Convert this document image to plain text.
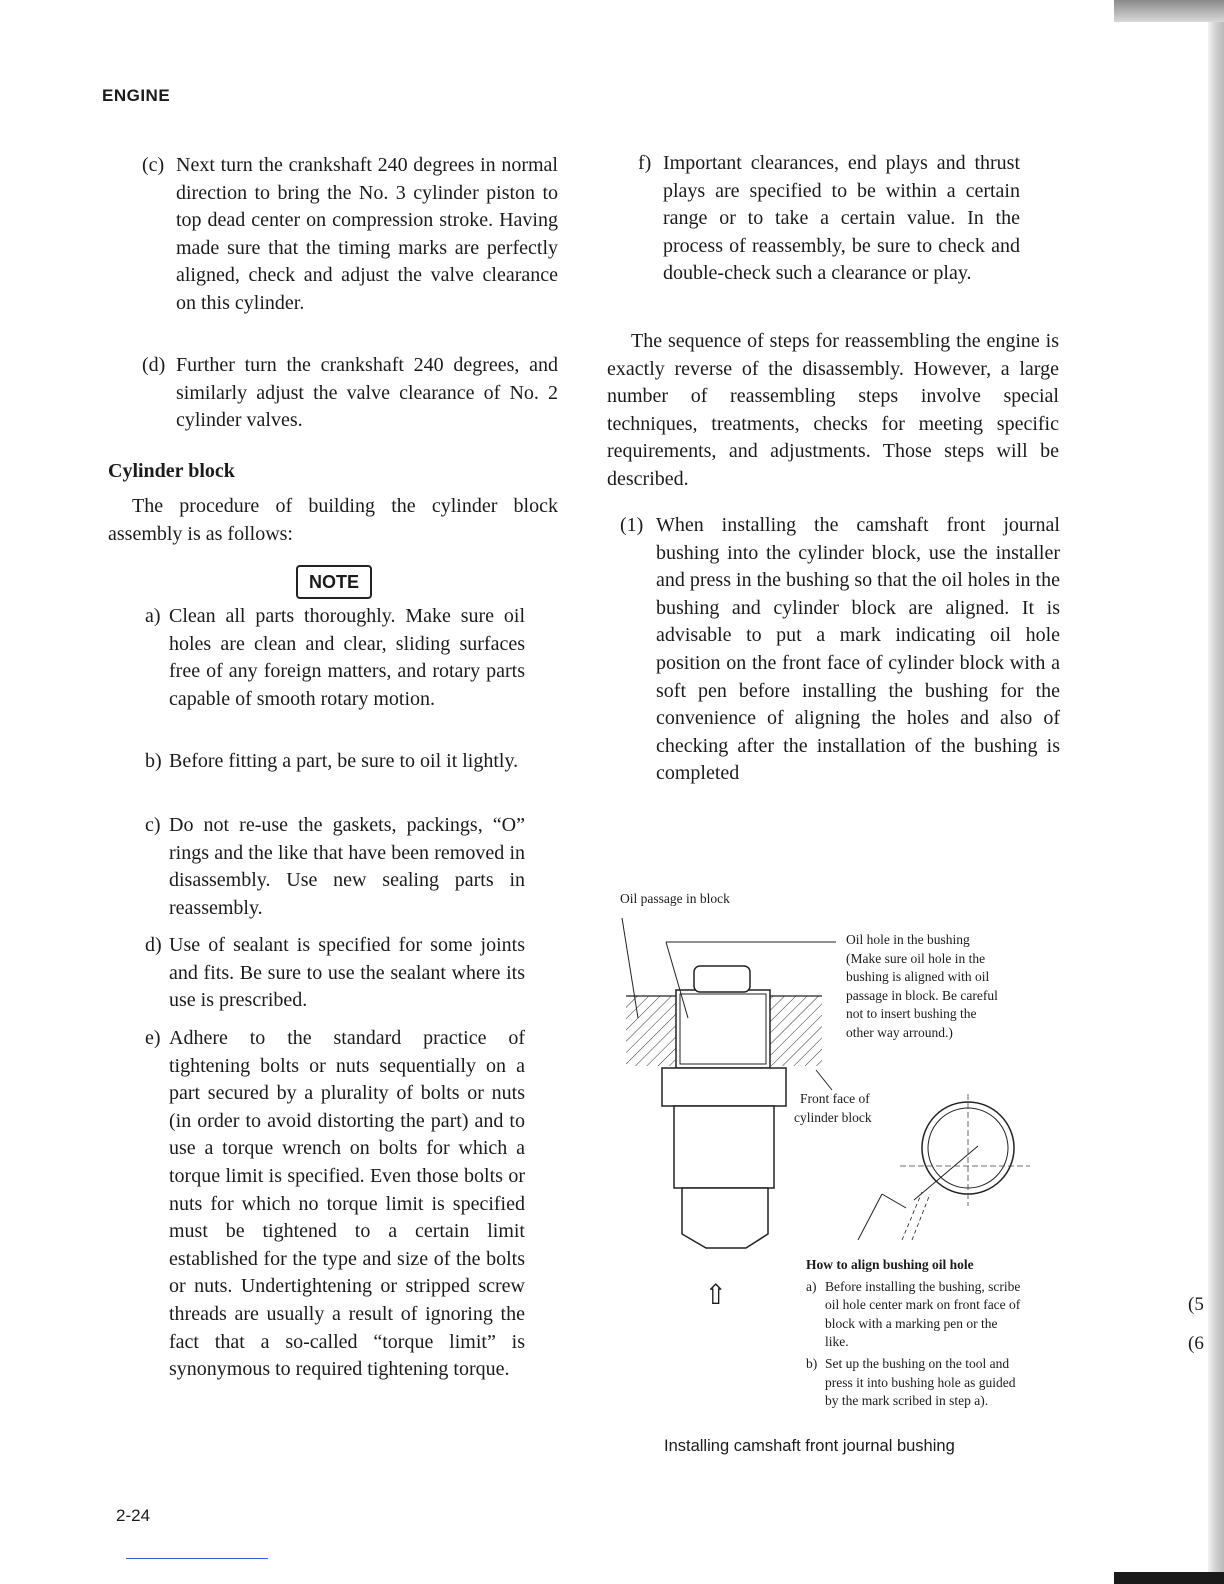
ENGINE
(c) Next turn the crankshaft 240 degrees in normal direction to bring the No. 3 cylinder piston to top dead center on compression stroke. Having made sure that the timing marks are perfectly aligned, check and adjust the valve clearance on this cylinder.
(d) Further turn the crankshaft 240 degrees, and similarly adjust the valve clearance of No. 2 cylinder valves.
Cylinder block
The procedure of building the cylinder block assembly is as follows:
NOTE
a) Clean all parts thoroughly. Make sure oil holes are clean and clear, sliding surfaces free of any foreign matters, and rotary parts capable of smooth rotary motion.
b) Before fitting a part, be sure to oil it lightly.
c) Do not re-use the gaskets, packings, “O” rings and the like that have been removed in disassembly. Use new sealing parts in reassembly.
d) Use of sealant is specified for some joints and fits. Be sure to use the sealant where its use is prescribed.
e) Adhere to the standard practice of tightening bolts or nuts sequentially on a part secured by a plurality of bolts or nuts (in order to avoid distorting the part) and to use a torque wrench on bolts for which a torque limit is specified. Even those bolts or nuts for which no torque limit is specified must be tightened to a certain limit established for the type and size of the bolts or nuts. Undertightening or stripped screw threads are usually a result of ignoring the fact that a so-called “torque limit” is synonymous to required tightening torque.
f) Important clearances, end plays and thrust plays are specified to be within a certain range or to take a certain value. In the process of reassembly, be sure to check and double-check such a clearance or play.
The sequence of steps for reassembling the engine is exactly reverse of the disassembly. However, a large number of reassembling steps involve special techniques, treatments, checks for meeting specific requirements, and adjustments. Those steps will be described.
(1) When installing the camshaft front journal bushing into the cylinder block, use the installer and press in the bushing so that the oil holes in the bushing and cylinder block are aligned. It is advisable to put a mark indicating oil hole position on the front face of cylinder block with a soft pen before installing the bushing for the convenience of aligning the holes and also of checking after the installation of the bushing is completed
Oil passage in block
Oil hole in the bushing
(Make sure oil hole in the
bushing is aligned with oil
passage in block. Be careful
not to insert bushing the
other way arround.)
Front face of
cylinder block
⇧
How to align bushing oil hole
a) Before installing the bushing, scribe
oil hole center mark on front face of
block with a marking pen or the
like.
b) Set up the bushing on the tool and
press it into bushing hole as guided
by the mark scribed in step a).
Installing camshaft front journal bushing
(5
(6
2-24
